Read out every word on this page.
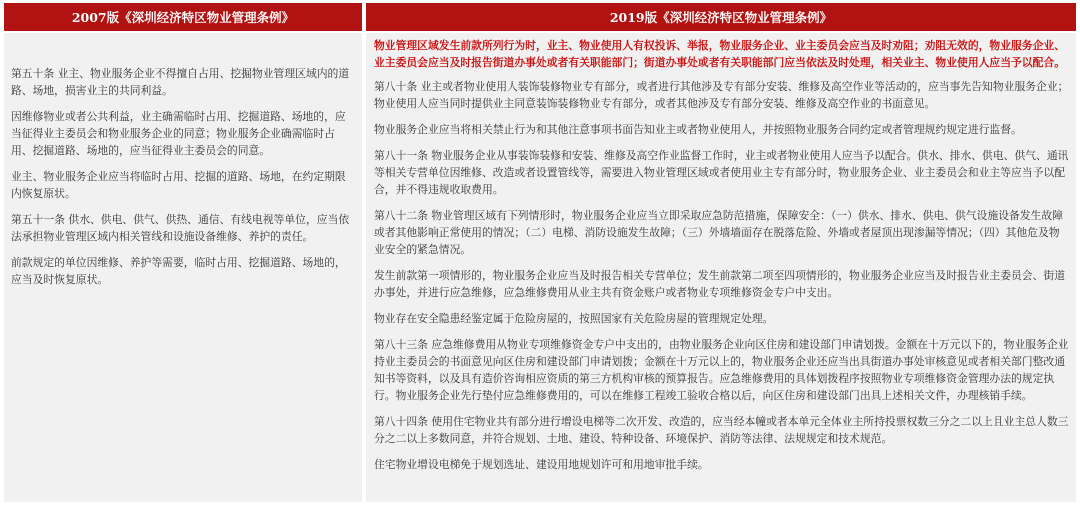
2007版《深圳经济特区物业管理条例》	2019版《深圳经济特区物业管理条例》

第五十条 业主、物业服务企业不得擅自占用、挖掘物业管理区域内的道路、场地，损害业主的共同利益。

因维修物业或者公共利益，业主确需临时占用、挖掘道路、场地的，应当征得业主委员会和物业服务企业的同意；物业服务企业确需临时占用、挖掘道路、场地的，应当征得业主委员会的同意。

业主、物业服务企业应当将临时占用、挖掘的道路、场地，在约定期限内恢复原状。

第五十一条 供水、供电、供气、供热、通信、有线电视等单位，应当依法承担物业管理区域内相关管线和设施设备维修、养护的责任。

前款规定的单位因维修、养护等需要，临时占用、挖掘道路、场地的，应当及时恢复原状。

物业管理区域发生前款所列行为时，业主、物业使用人有权投诉、举报，物业服务企业、业主委员会应当及时劝阻；劝阻无效的，物业服务企业、业主委员会应当及时报告街道办事处或者有关职能部门；街道办事处或者有关职能部门应当依法及时处理，相关业主、物业使用人应当予以配合。

第八十条 业主或者物业使用人装饰装修物业专有部分，或者进行其他涉及专有部分安装、维修及高空作业等活动的，应当事先告知物业服务企业；物业使用人应当同时提供业主同意装饰装修物业专有部分，或者其他涉及专有部分安装、维修及高空作业的书面意见。

物业服务企业应当将相关禁止行为和其他注意事项书面告知业主或者物业使用人，并按照物业服务合同约定或者管理规约规定进行监督。

第八十一条 物业服务企业从事装饰装修和安装、维修及高空作业监督工作时，业主或者物业使用人应当予以配合。供水、排水、供电、供气、通讯等相关专营单位因维修、改造或者设置管线等，需要进入物业管理区域或者使用业主专有部分时，物业服务企业、业主委员会和业主等应当予以配合，并不得违规收取费用。

第八十二条 物业管理区域有下列情形时，物业服务企业应当立即采取应急防范措施，保障安全：（一）供水、排水、供电、供气设施设备发生故障或者其他影响正常使用的情况；（二）电梯、消防设施发生故障；（三）外墙墙面存在脱落危险、外墙或者屋顶出现渗漏等情况；（四）其他危及物业安全的紧急情况。

发生前款第一项情形的，物业服务企业应当及时报告相关专营单位；发生前款第二项至四项情形的，物业服务企业应当及时报告业主委员会、街道办事处，并进行应急维修，应急维修费用从业主共有资金账户或者物业专项维修资金专户中支出。

物业存在安全隐患经鉴定属于危险房屋的，按照国家有关危险房屋的管理规定处理。

第八十三条 应急维修费用从物业专项维修资金专户中支出的，由物业服务企业向区住房和建设部门申请划拨。金额在十万元以下的，物业服务企业持业主委员会的书面意见向区住房和建设部门申请划拨；金额在十万元以上的，物业服务企业还应当出具街道办事处审核意见或者相关部门整改通知书等资料，以及具有造价咨询相应资质的第三方机构审核的预算报告。应急维修费用的具体划拨程序按照物业专项维修资金管理办法的规定执行。物业服务企业先行垫付应急维修费用的，可以在维修工程竣工验收合格以后，向区住房和建设部门出具上述相关文件，办理核销手续。

第八十四条 使用住宅物业共有部分进行增设电梯等二次开发、改造的，应当经本幢或者本单元全体业主所持投票权数三分之二以上且业主总人数三分之二以上多数同意，并符合规划、土地、建设、特种设备、环境保护、消防等法律、法规规定和技术规范。

住宅物业增设电梯免于规划选址、建设用地规划许可和用地审批手续。
